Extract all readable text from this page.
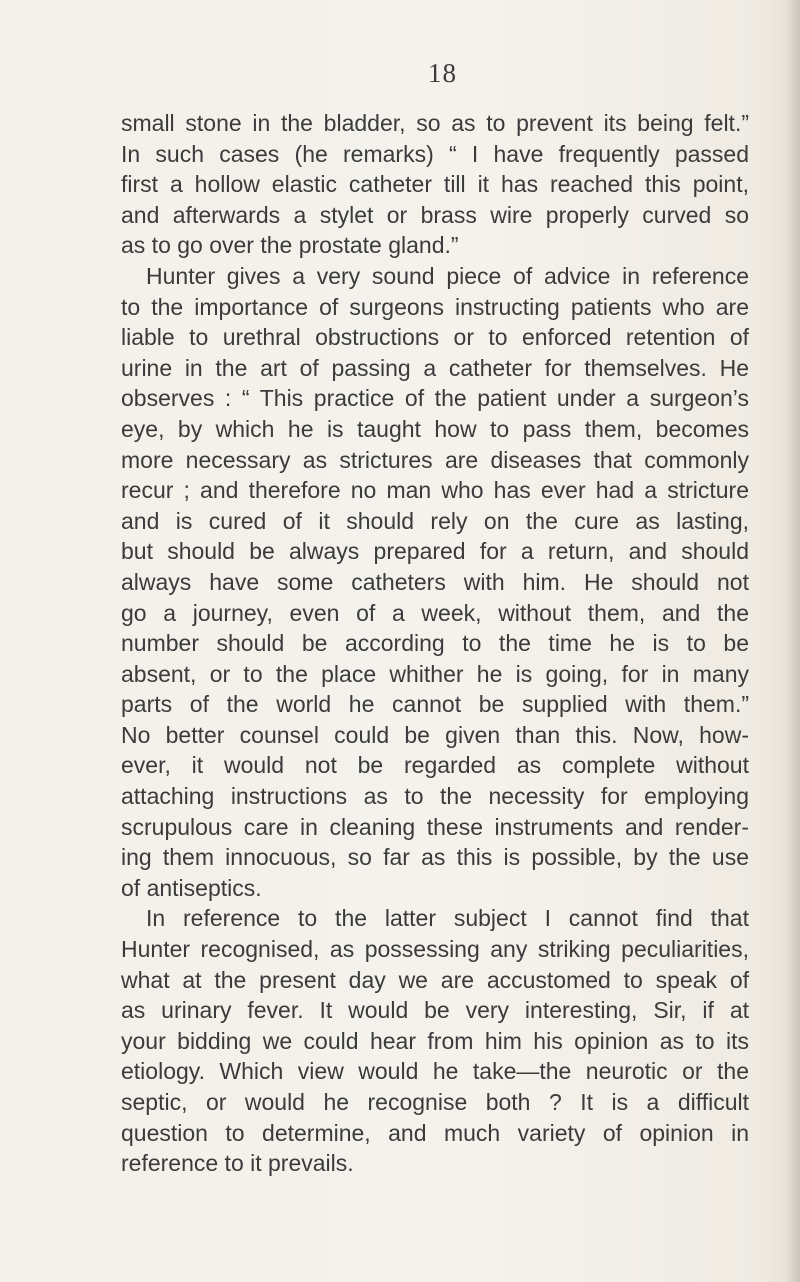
18
small stone in the bladder, so as to prevent its being felt.”
In such cases (he remarks) “ I have frequently passed
first a hollow elastic catheter till it has reached this point,
and afterwards a stylet or brass wire properly curved so
as to go over the prostate gland.”
Hunter gives a very sound piece of advice in reference
to the importance of surgeons instructing patients who are
liable to urethral obstructions or to enforced retention of
urine in the art of passing a catheter for themselves. He
observes : “ This practice of the patient under a surgeon’s
eye, by which he is taught how to pass them, becomes
more necessary as strictures are diseases that commonly
recur ; and therefore no man who has ever had a stricture
and is cured of it should rely on the cure as lasting,
but should be always prepared for a return, and should
always have some catheters with him. He should not
go a journey, even of a week, without them, and the
number should be according to the time he is to be
absent, or to the place whither he is going, for in many
parts of the world he cannot be supplied with them.”
No better counsel could be given than this. Now, how-
ever, it would not be regarded as complete without
attaching instructions as to the necessity for employing
scrupulous care in cleaning these instruments and render-
ing them innocuous, so far as this is possible, by the use
of antiseptics.
In reference to the latter subject I cannot find that
Hunter recognised, as possessing any striking peculiarities,
what at the present day we are accustomed to speak of
as urinary fever. It would be very interesting, Sir, if at
your bidding we could hear from him his opinion as to its
etiology. Which view would he take—the neurotic or the
septic, or would he recognise both ? It is a difficult
question to determine, and much variety of opinion in
reference to it prevails.
